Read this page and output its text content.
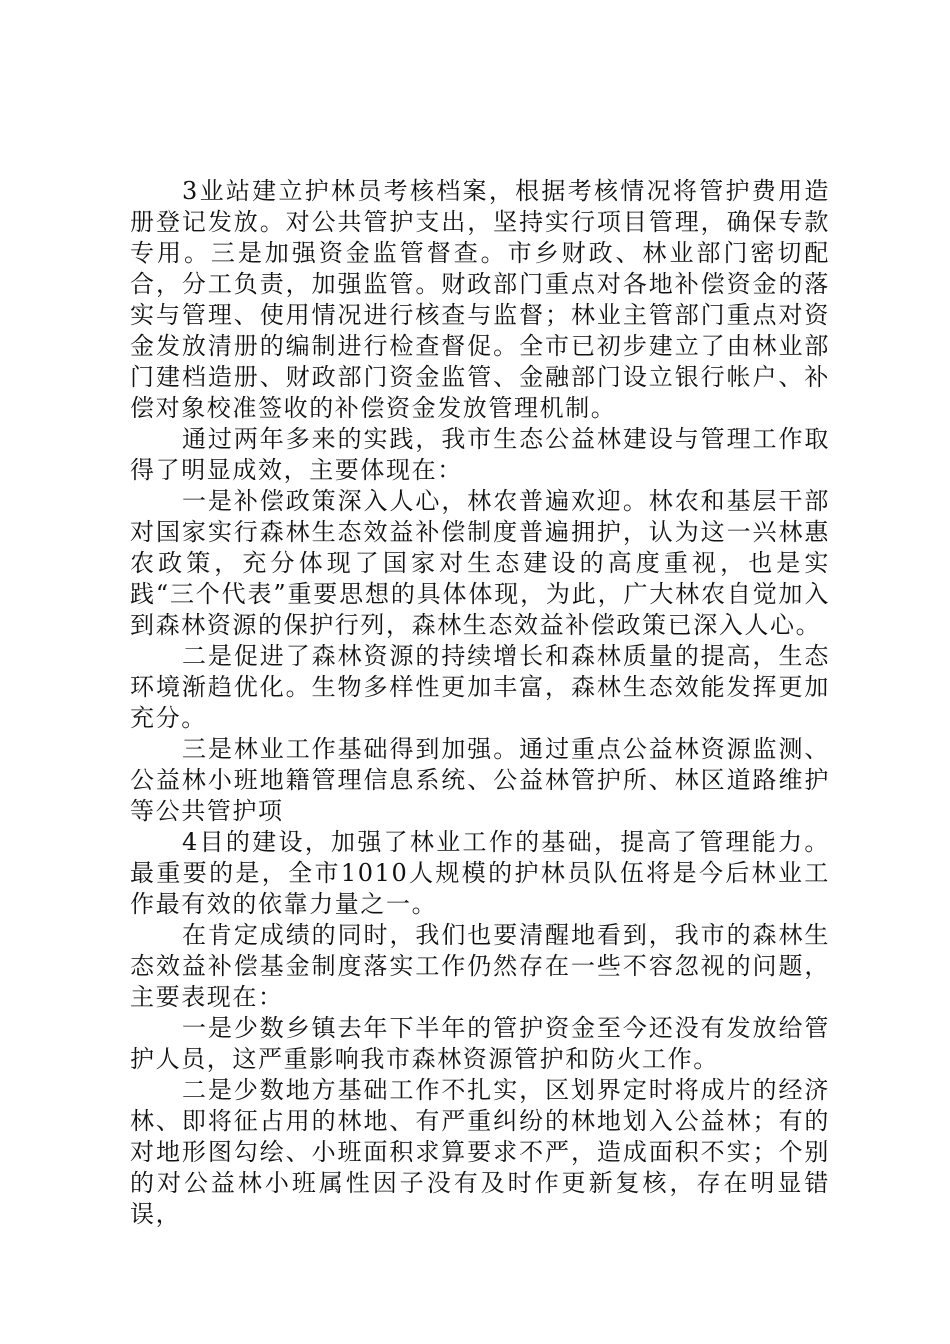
3业站建立护林员考核档案，根据考核情况将管护费用造册登记发放。对公共管护支出，坚持实行项目管理，确保专款专用。三是加强资金监管督查。市乡财政、林业部门密切配合，分工负责，加强监管。财政部门重点对各地补偿资金的落实与管理、使用情况进行核查与监督；林业主管部门重点对资金发放清册的编制进行检查督促。全市已初步建立了由林业部门建档造册、财政部门资金监管、金融部门设立银行帐户、补偿对象校准签收的补偿资金发放管理机制。

通过两年多来的实践，我市生态公益林建设与管理工作取得了明显成效，主要体现在：

一是补偿政策深入人心，林农普遍欢迎。林农和基层干部对国家实行森林生态效益补偿制度普遍拥护，认为这一兴林惠农政策，充分体现了国家对生态建设的高度重视，也是实践“三个代表”重要思想的具体体现，为此，广大林农自觉加入到森林资源的保护行列，森林生态效益补偿政策已深入人心。

二是促进了森林资源的持续增长和森林质量的提高，生态环境渐趋优化。生物多样性更加丰富，森林生态效能发挥更加充分。

三是林业工作基础得到加强。通过重点公益林资源监测、公益林小班地籍管理信息系统、公益林管护所、林区道路维护等公共管护项

4目的建设，加强了林业工作的基础，提高了管理能力。最重要的是，全市1010人规模的护林员队伍将是今后林业工作最有效的依靠力量之一。

在肯定成绩的同时，我们也要清醒地看到，我市的森林生态效益补偿基金制度落实工作仍然存在一些不容忽视的问题，主要表现在：

一是少数乡镇去年下半年的管护资金至今还没有发放给管护人员，这严重影响我市森林资源管护和防火工作。

二是少数地方基础工作不扎实，区划界定时将成片的经济林、即将征占用的林地、有严重纠纷的林地划入公益林；有的对地形图勾绘、小班面积求算要求不严，造成面积不实；个别的对公益林小班属性因子没有及时作更新复核，存在明显错误，
